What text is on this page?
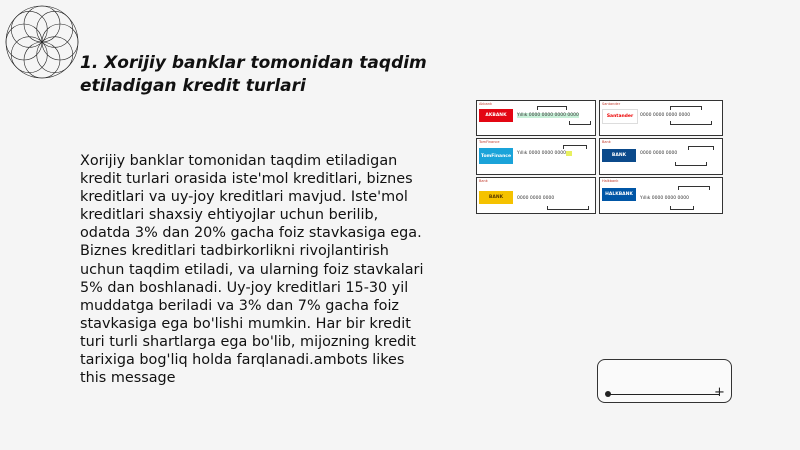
1. Xorijiy banklar tomonidan taqdim etiladigan kredit turlari

Xorijiy banklar tomonidan taqdim etiladigan kredit turlari orasida iste'mol kreditlari, biznes kreditlari va uy-joy kreditlari mavjud. Iste'mol kreditlari shaxsiy ehtiyojlar uchun berilib, odatda 3% dan 20% gacha foiz stavkasiga ega. Biznes kreditlari tadbirkorlikni rivojlantirish uchun taqdim etiladi, va ularning foiz stavkalari 5% dan boshlanadi. Uy-joy kreditlari 15-30 yil muddatga beriladi va 3% dan 7% gacha foiz stavkasiga ega bo'lishi mumkin. Har bir kredit turi turli shartlarga ega bo'lib, mijozning kredit tarixiga bog'liq holda farqlanadi.ambots likes this message

Akbank
AKBANK	Yıllık 0000 0000 0000 0000
Santander
Santander	0000 0000 0000 0000
TomFinance
TomFinance	Yıllık 0000 0000 0000
Bank
BANK	0000 0000 0000
Bank
BANK	0000 0000 0000
Halkbank
HALKBANK
Yıllık 0000 0000 0000
+
